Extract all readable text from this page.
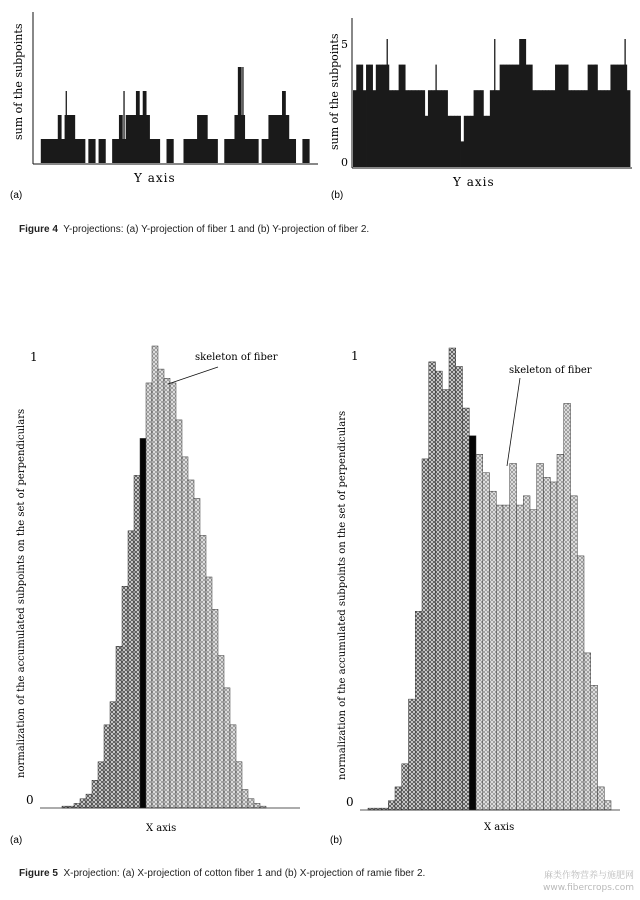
sum of the subpoints
Y axis
(a)
5
0
sum of the subpoints
Y axis
(b)
1
0
normalization of the accumulated subpoints on the set of perpendiculars
X axis
(a)
skeleton of fiber	1
0
normalization of the accumulated subpoints on the set of perpendiculars
X axis
(b)
skeleton of fiber
Figure 4 Y-projections: (a) Y-projection of fiber 1 and (b) Y-projection of fiber 2.
Figure 5 X-projection: (a) X-projection of cotton fiber 1 and (b) X-projection of ramie fiber 2.	麻类作物营养与施肥网
www.fibercrops.com
